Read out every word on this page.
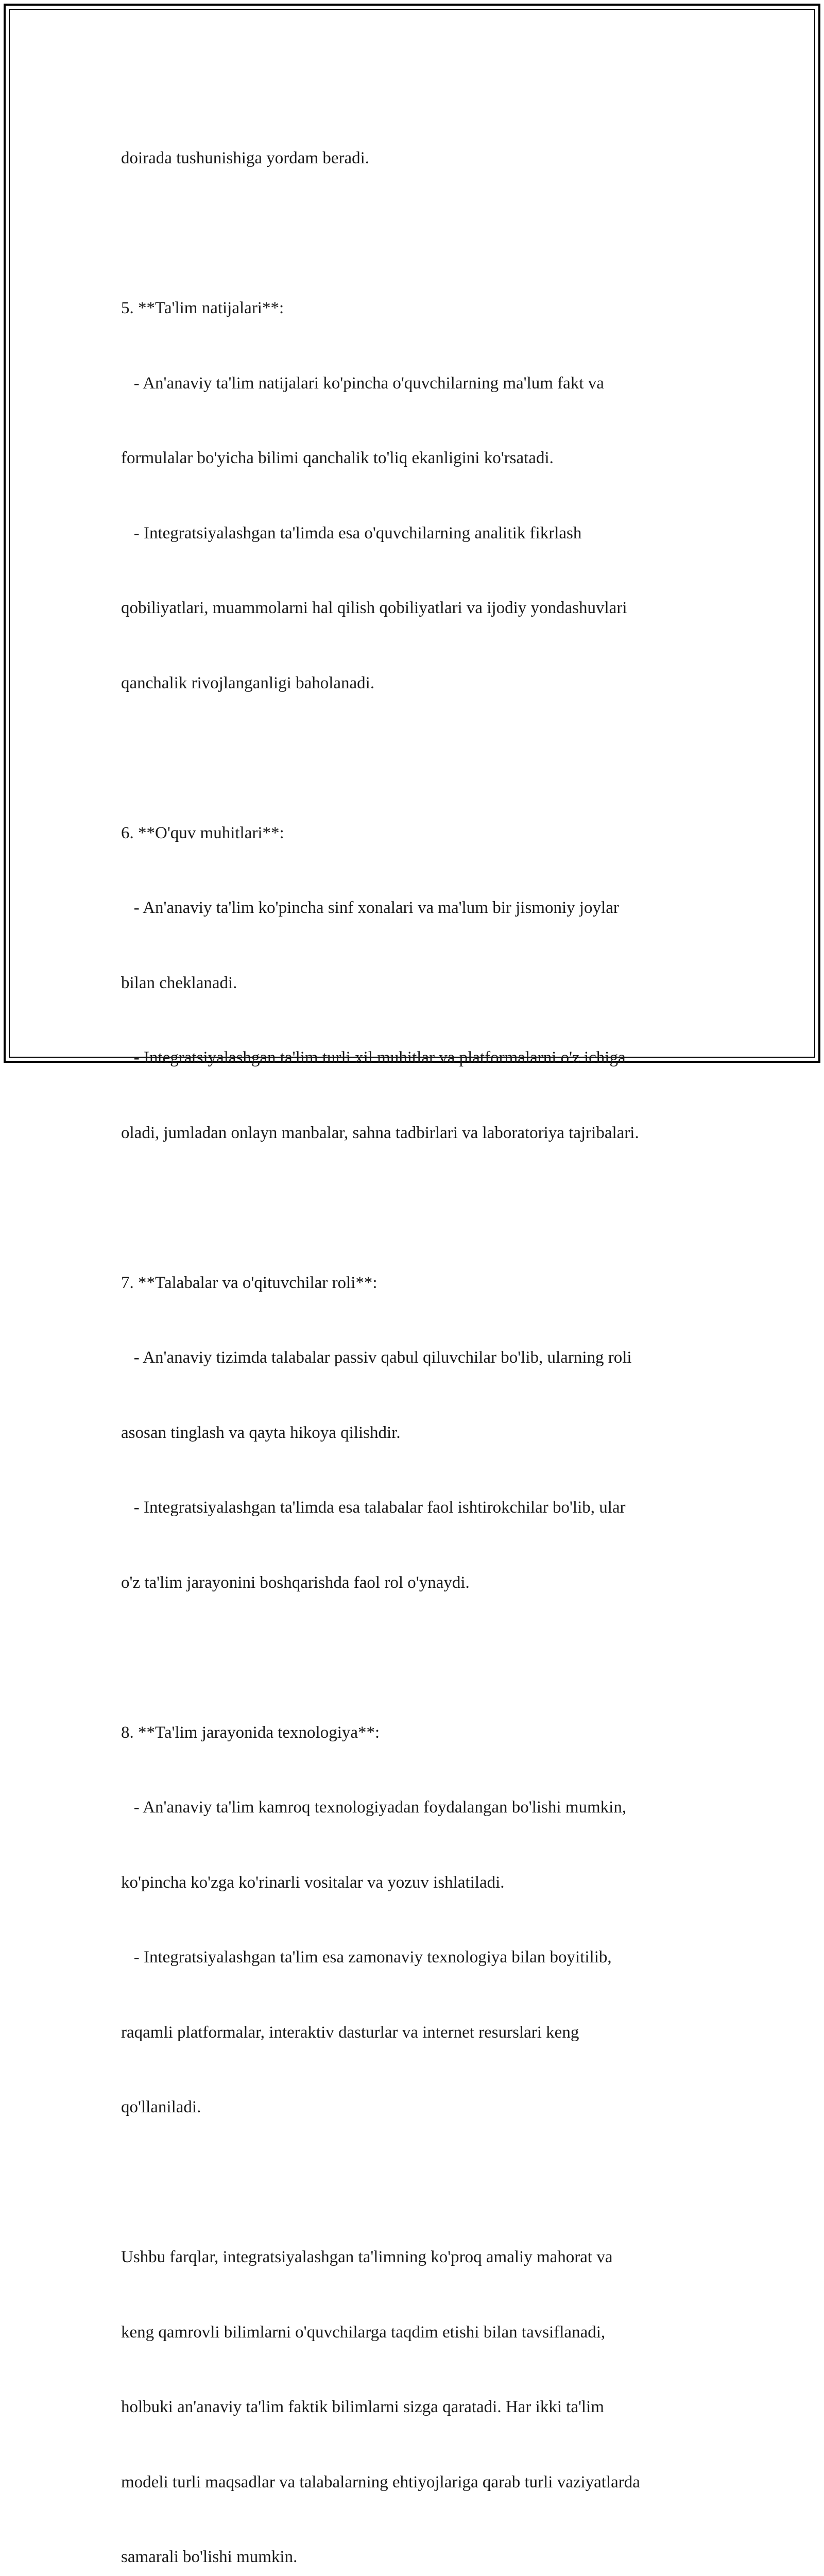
doirada tushunishiga yordam beradi.

5. **Ta'lim natijalari**:

- An'anaviy ta'lim natijalari ko'pincha o'quvchilarning ma'lum fakt va

formulalar bo'yicha bilimi qanchalik to'liq ekanligini ko'rsatadi.

- Integratsiyalashgan ta'limda esa o'quvchilarning analitik fikrlash

qobiliyatlari, muammolarni hal qilish qobiliyatlari va ijodiy yondashuvlari

qanchalik rivojlanganligi baholanadi.

6. **O'quv muhitlari**:

- An'anaviy ta'lim ko'pincha sinf xonalari va ma'lum bir jismoniy joylar

bilan cheklanadi.

- Integratsiyalashgan ta'lim turli xil muhitlar va platformalarni o'z ichiga

oladi, jumladan onlayn manbalar, sahna tadbirlari va laboratoriya tajribalari.

7. **Talabalar va o'qituvchilar roli**:

- An'anaviy tizimda talabalar passiv qabul qiluvchilar bo'lib, ularning roli

asosan tinglash va qayta hikoya qilishdir.

- Integratsiyalashgan ta'limda esa talabalar faol ishtirokchilar bo'lib, ular

o'z ta'lim jarayonini boshqarishda faol rol o'ynaydi.

8. **Ta'lim jarayonida texnologiya**:

- An'anaviy ta'lim kamroq texnologiyadan foydalangan bo'lishi mumkin,

ko'pincha ko'zga ko'rinarli vositalar va yozuv ishlatiladi.

- Integratsiyalashgan ta'lim esa zamonaviy texnologiya bilan boyitilib,

raqamli platformalar, interaktiv dasturlar va internet resurslari keng

qo'llaniladi.

Ushbu farqlar, integratsiyalashgan ta'limning ko'proq amaliy mahorat va

keng qamrovli bilimlarni o'quvchilarga taqdim etishi bilan tavsiflanadi,

holbuki an'anaviy ta'lim faktik bilimlarni sizga qaratadi. Har ikki ta'lim

modeli turli maqsadlar va talabalarning ehtiyojlariga qarab turli vaziyatlarda

samarali bo'lishi mumkin.
